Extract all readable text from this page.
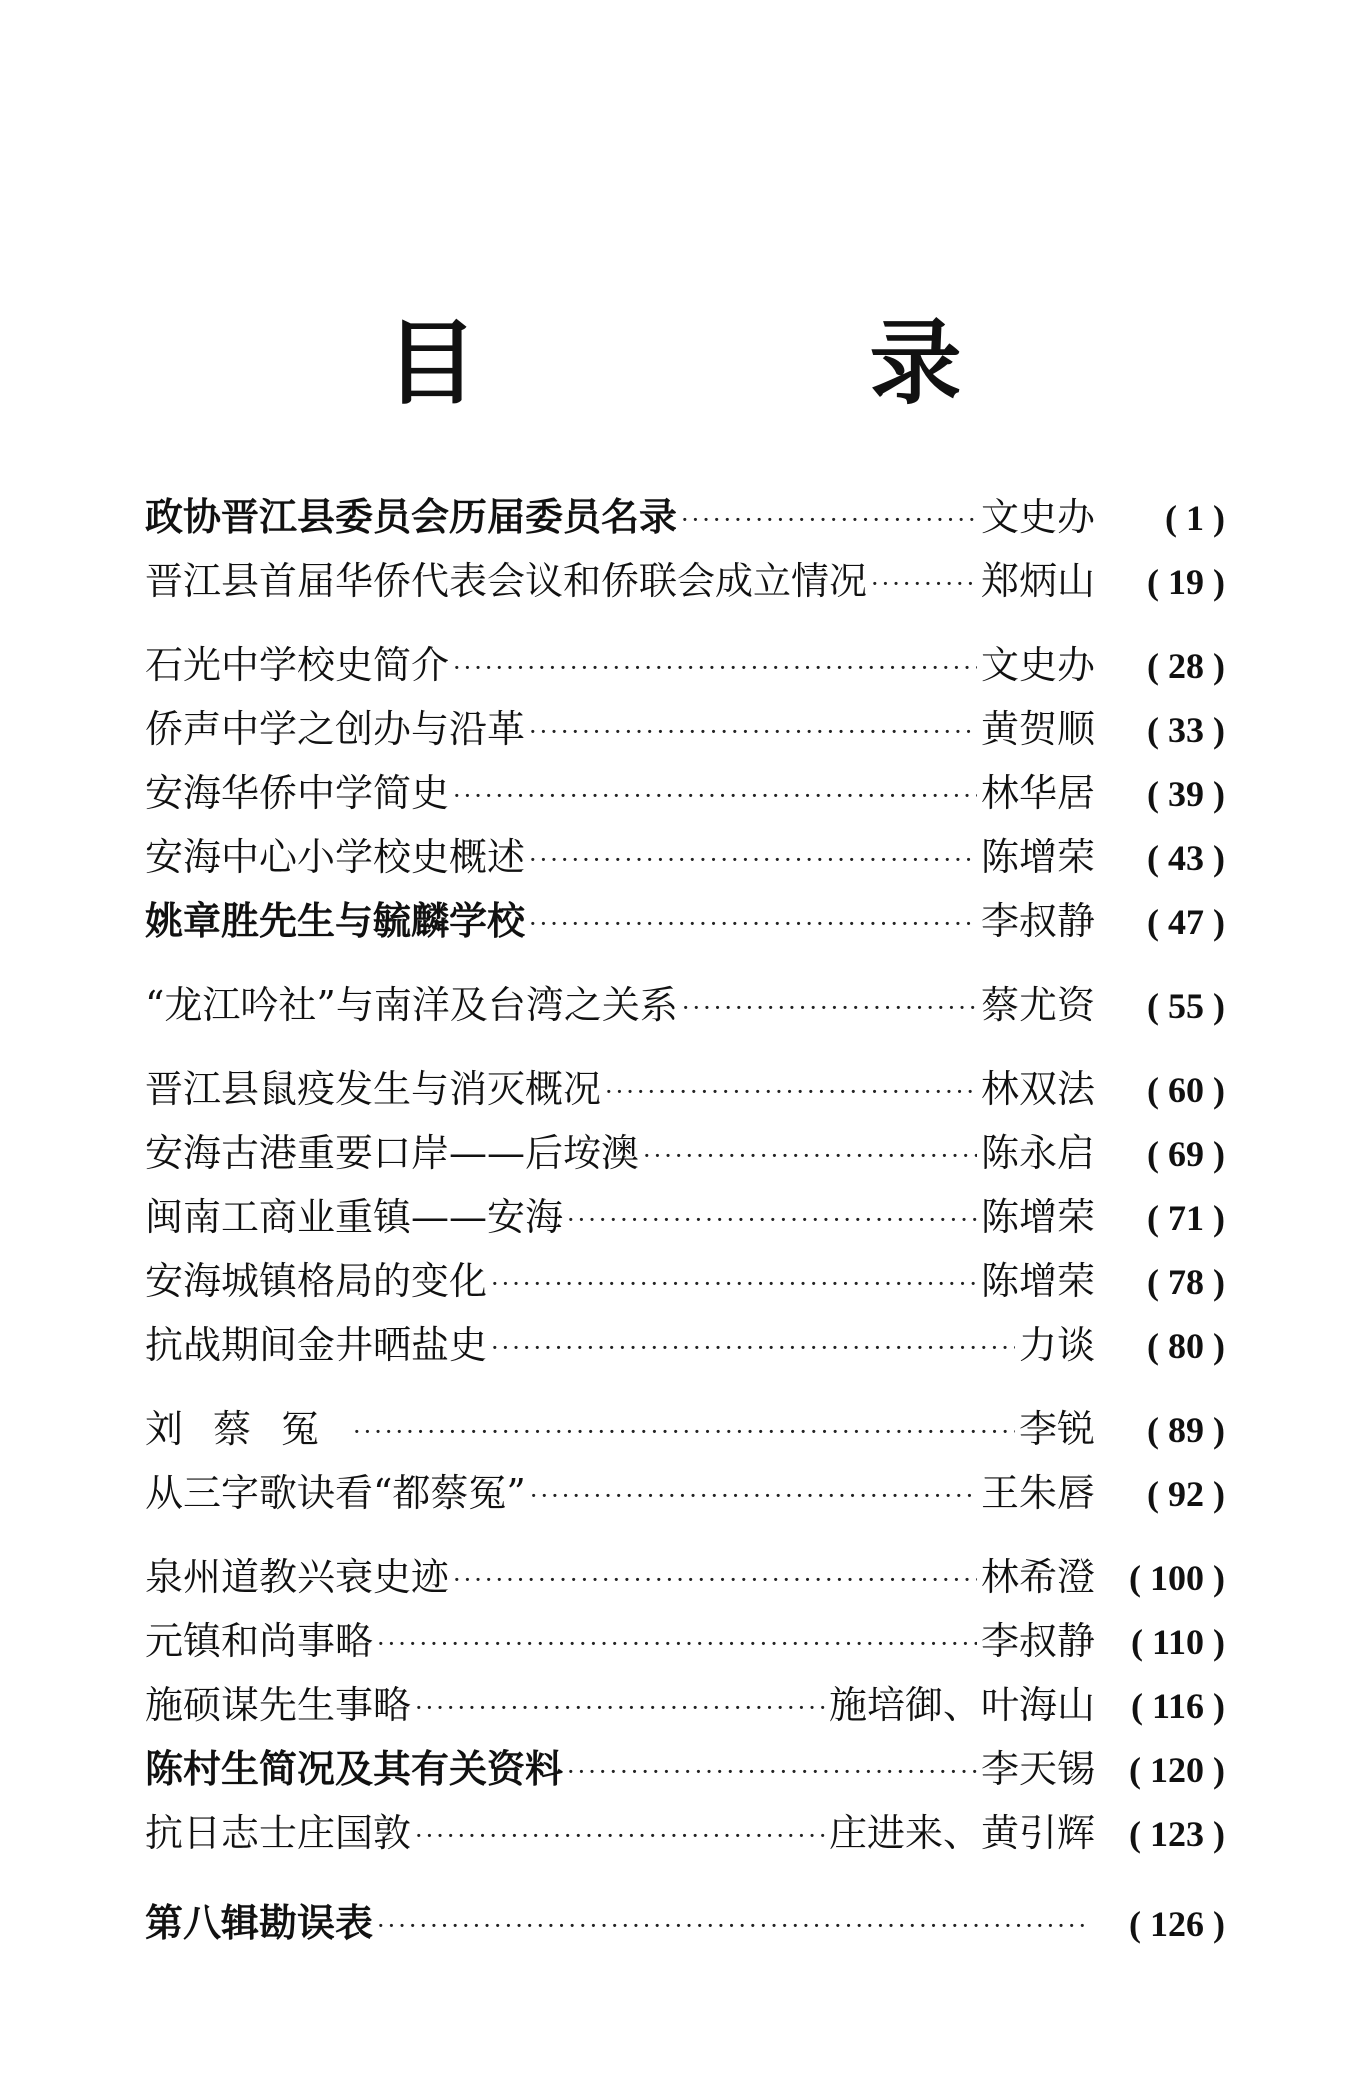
目　录
政协晋江县委员会历届委员名录 ·····	文史办	( 1 )
晋江县首届华侨代表会议和侨联会成立情况 ·····	郑炳山	( 19 )
石光中学校史简介 ·····	文史办	( 28 )
侨声中学之创办与沿革 ·····	黄贺顺	( 33 )
安海华侨中学简史 ·····	林华居	( 39 )
安海中心小学校史概述 ·····	陈增荣	( 43 )
姚章胜先生与毓麟学校 ·····	李叔静	( 47 )
“龙江吟社”与南洋及台湾之关系 ·····	蔡尤资	( 55 )
晋江县鼠疫发生与消灭概况 ·····	林双法	( 60 )
安海古港重要口岸——后垵澳 ·····	陈永启	( 69 )
闽南工商业重镇——安海 ·····	陈增荣	( 71 )
安海城镇格局的变化 ·····	陈增荣	( 78 )
抗战期间金井晒盐史 ·····	力谈	( 80 )
刘蔡冤 ·····	李锐	( 89 )
从三字歌诀看“都蔡冤” ·····	王朱唇	( 92 )
泉州道教兴衰史迹 ·····	林希澄 ( 100 )
元镇和尚事略 ·····	李叔静	( 110 )
施硕谋先生事略 ·····	施培御、叶海山	( 116 )
陈村生简况及其有关资料 ·····	李天锡 ( 120 )
抗日志士庄国敦 ·····	庄进来、黄引辉 ( 123 )
第八辑勘误表 ·····	( 126 )
